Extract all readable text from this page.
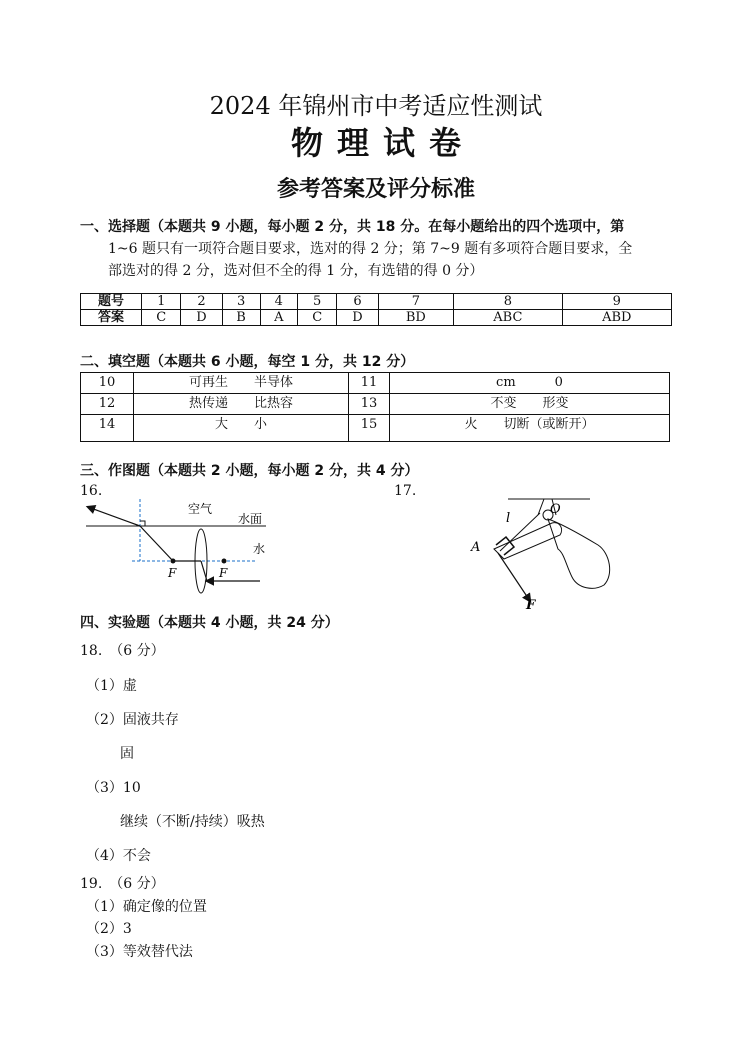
2024 年锦州市中考适应性测试
物理试卷
参考答案及评分标准
一、选择题（本题共 9 小题，每小题 2 分，共 18 分。在每小题给出的四个选项中，第
1~6 题只有一项符合题目要求，选对的得 2 分；第 7~9 题有多项符合题目要求，全
部选对的得 2 分，选对但不全的得 1 分，有选错的得 0 分）
题号	1	2	3	4	5	6	7	8	9
答案	C	D	B	A	C	D	BD	ABC	ABD
二、填空题（本题共 6 小题，每空 1 分，共 12 分）
10	可再生　　半导体	11	cm　　　0
12	热传递　　比热容	13	不变　　形变
14	大　　小	15	火　　切断（或断开）
三、作图题（本题共 2 小题，每小题 2 分，共 4 分）
16.	17.
空气
水面
水
F	F
O
l
A
F
四、实验题（本题共 4 小题，共 24 分）
18.　（6 分）
（1）虚
（2）固液共存
固
（3）10
继续（不断/持续）吸热
（4）不会
19.　（6 分）
（1）确定像的位置
（2）3
（3）等效替代法
